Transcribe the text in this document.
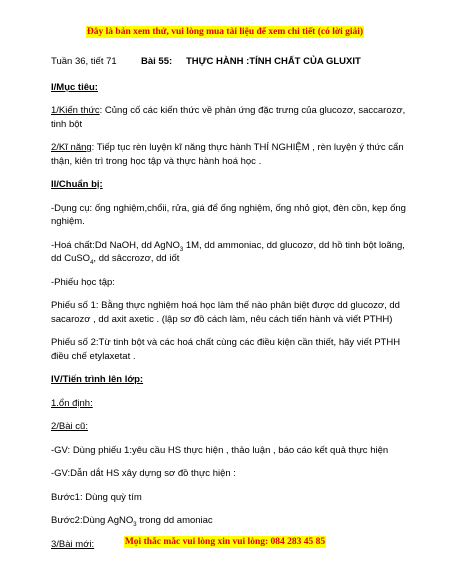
Đây là bản xem thử, vui lòng mua tài liệu để xem chi tiết (có lời giải)
Tuần 36, tiết 71	Bài 55:	THỰC HÀNH :TÍNH CHẤT CỦA GLUXIT

I/Mục tiêu:

1/Kiến thức: Củng cố các kiến thức về phản ứng đặc trưng của glucozơ, saccarozơ, tinh bột

2/Kĩ năng: Tiếp tục rèn luyện kĩ năng thực hành THÍ NGHIỆM , rèn luyện ý thức cẩn thận, kiên trì trong học tập và thực hành hoá học .

II/Chuẩn bị:

-Dụng cụ: ống nghiệm,chổii, rửa, giá để ống nghiệm, ống nhỏ giọt, đèn cồn, kẹp ống nghiệm.

-Hoá chất:Dd NaOH, dd AgNO$_3$ 1M, dd ammoniac, dd glucozơ, dd hồ tinh bột loãng, dd CuSO$_4$, dd sâccrozơ, dd iốt

-Phiếu học tập:

Phiếu số 1: Bằng thực nghiệm hoá học làm thế nào phân biệt được dd glucozơ, dd sacarozơ , dd axit axetic . (lập sơ đồ cách làm, nêu cách tiến hành và viết PTHH)

Phiếu số 2:Từ tinh bột và các hoá chất cùng các điều kiện cần thiết, hãy viết PTHH điều chế etylaxetat .

IV/Tiến trình lên lớp:

1.ổn định:

2/Bài cũ:

-GV: Dùng phiếu 1:yêu cầu HS thực hiện , thảo luận , báo cáo kết quả thực hiện

-GV:Dẫn dắt HS xây dựng sơ đồ thực hiện :

Bước1: Dùng quỳ tím

Bước2:Dùng AgNO$_3$ trong dd amoniac

3/Bài mới:	Mọi thắc mắc vui lòng xin vui lòng: 084 283 45 85
